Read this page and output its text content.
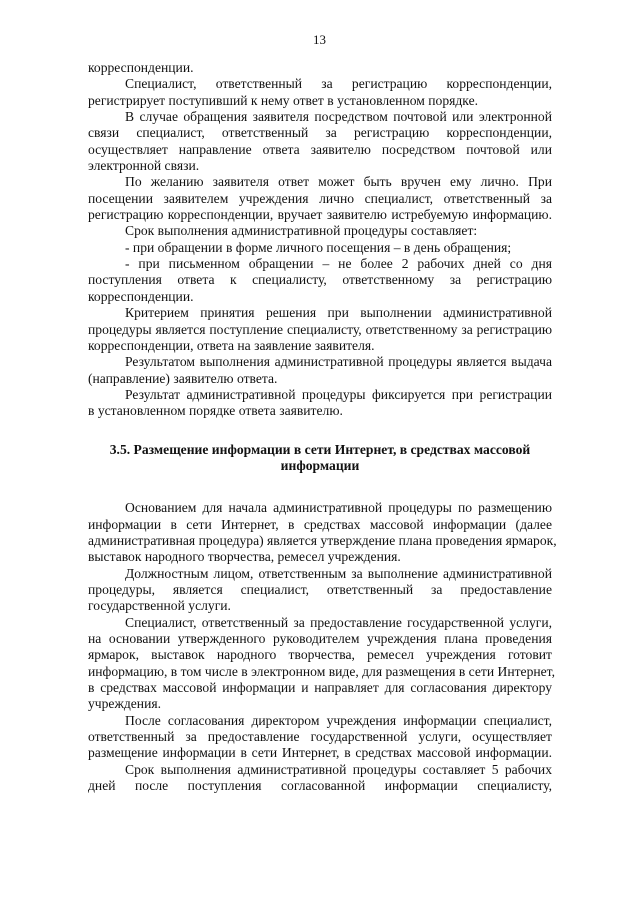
13
корреспонденции.
Специалист, ответственный за регистрацию корреспонденции,
регистрирует поступивший к нему ответ в установленном порядке.
В случае обращения заявителя посредством почтовой или электронной
связи специалист, ответственный за регистрацию корреспонденции,
осуществляет направление ответа заявителю посредством почтовой или
электронной связи.
По желанию заявителя ответ может быть вручен ему лично. При
посещении заявителем учреждения лично специалист, ответственный за
регистрацию корреспонденции, вручает заявителю истребуемую информацию.
Срок выполнения административной процедуры составляет:
- при обращении в форме личного посещения – в день обращения;
- при письменном обращении – не более 2 рабочих дней со дня
поступления ответа к специалисту, ответственному за регистрацию
корреспонденции.
Критерием принятия решения при выполнении административной
процедуры является поступление специалисту, ответственному за регистрацию
корреспонденции, ответа на заявление заявителя.
Результатом выполнения административной процедуры является выдача
(направление) заявителю ответа.
Результат административной процедуры фиксируется при регистрации
в установленном порядке ответа заявителю.
3.5. Размещение информации в сети Интернет, в средствах массовой
информации
Основанием для начала административной процедуры по размещению
информации в сети Интернет, в средствах массовой информации (далее
административная процедура) является утверждение плана проведения ярмарок,
выставок народного творчества, ремесел учреждения.
Должностным лицом, ответственным за выполнение административной
процедуры, является специалист, ответственный за предоставление
государственной услуги.
Специалист, ответственный за предоставление государственной услуги,
на основании утвержденного руководителем учреждения плана проведения
ярмарок, выставок народного творчества, ремесел учреждения готовит
информацию, в том числе в электронном виде, для размещения в сети Интернет,
в средствах массовой информации и направляет для согласования директору
учреждения.
После согласования директором учреждения информации специалист,
ответственный за предоставление государственной услуги, осуществляет
размещение информации в сети Интернет, в средствах массовой информации.
Срок выполнения административной процедуры составляет 5 рабочих
дней после поступления согласованной информации специалисту,
